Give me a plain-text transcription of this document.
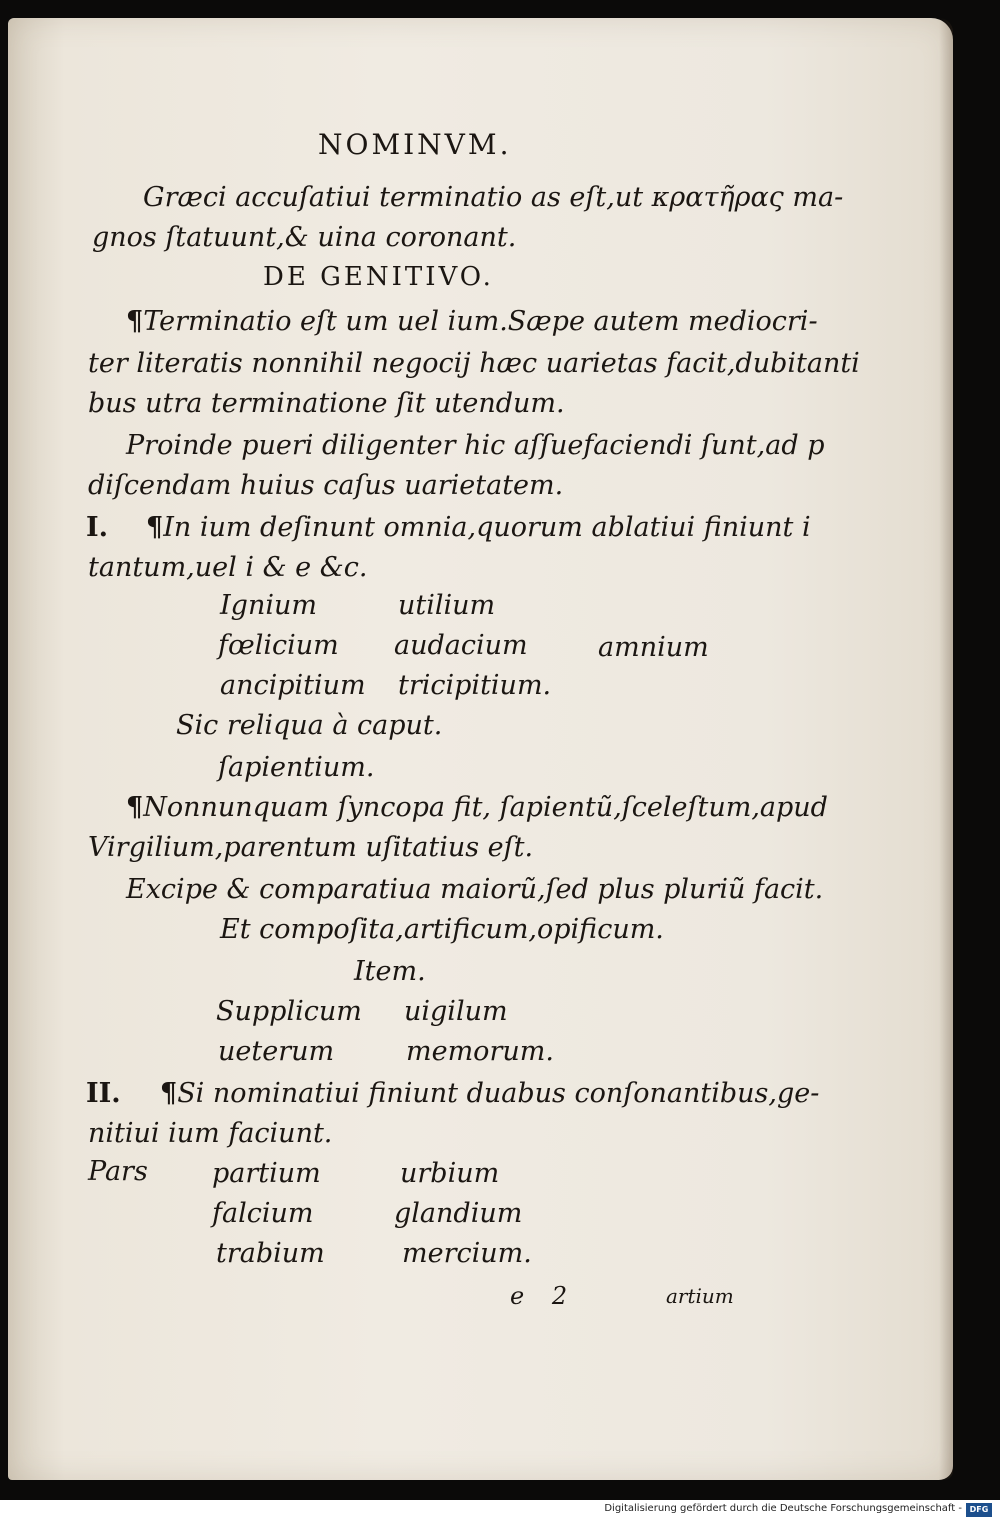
NOMINVM.
Græci accuſatiui terminatio as eſt,ut κρατῆρας ma-
gnos ſtatuunt,& uina coronant.
DE GENITIVO.
¶Terminatio eſt um uel ium.Sæpe autem mediocri-
ter literatis nonnihil negocij hæc uarietas facit,dubitanti
bus utra terminatione ſit utendum.
Proinde pueri diligenter hic aſſuefaciendi ſunt,ad p
diſcendam huius caſus uarietatem.
I. ¶In ium deſinunt omnia,quorum ablatiui finiunt i
tantum,uel i & e &c.
Ignium	utilium
fœlicium audacium	amnium
ancipitium tricipitium.
Sic reliqua à caput.
ſapientium.
¶Nonnunquam ſyncopa fit, ſapientũ,ſceleſtum,apud
Virgilium,parentum uſitatius eſt.
Excipe & comparatiua maiorũ,ſed plus pluriũ facit.
Et compoſita,artificum,opificum.
Item.
Supplicum uigilum
ueterum	memorum.
II. ¶Si nominatiui finiunt duabus conſonantibus,ge-
nitiui ium faciunt.
Pars partium	urbium
falcium	glandium
trabium	mercium.
e 2	artium
Digitalisierung gefördert durch die Deutsche Forschungsgemeinschaft - DFG
